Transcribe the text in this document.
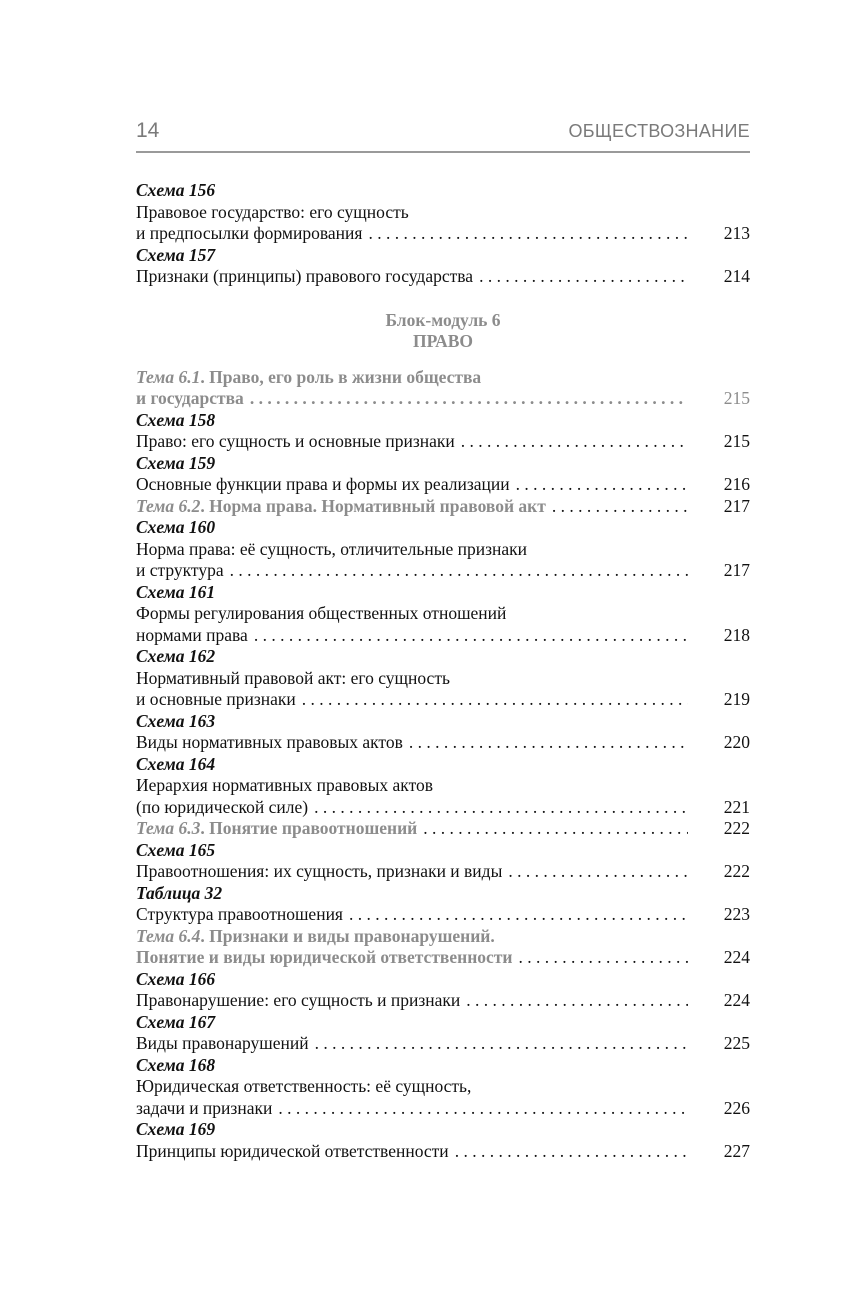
14	ОБЩЕСТВОЗНАНИЕ
Схема 156
Правовое государство: его сущность
и предпосылки формирования . . .	213
Схема 157
Признаки (принципы) правового государства . . .	214
Блок-модуль 6
ПРАВО
Тема 6.1. Право, его роль в жизни общества
и государства . . .	215
Схема 158
Право: его сущность и основные признаки . . .	215
Схема 159
Основные функции права и формы их реализации . . .	216
Тема 6.2. Норма права. Нормативный правовой акт . . .	217
Схема 160
Норма права: её сущность, отличительные признаки
и структура . . .	217
Схема 161
Формы регулирования общественных отношений
нормами права . . .	218
Схема 162
Нормативный правовой акт: его сущность
и основные признаки . . .	219
Схема 163
Виды нормативных правовых актов . . .	220
Схема 164
Иерархия нормативных правовых актов
(по юридической силе) . . .	221
Тема 6.3. Понятие правоотношений . . .	222
Схема 165
Правоотношения: их сущность, признаки и виды . . .	222
Таблица 32
Структура правоотношения . . .	223
Тема 6.4. Признаки и виды правонарушений.
Понятие и виды юридической ответственности . . .	224
Схема 166
Правонарушение: его сущность и признаки . . .	224
Схема 167
Виды правонарушений . . .	225
Схема 168
Юридическая ответственность: её сущность,
задачи и признаки . . .	226
Схема 169
Принципы юридической ответственности . . .	227
